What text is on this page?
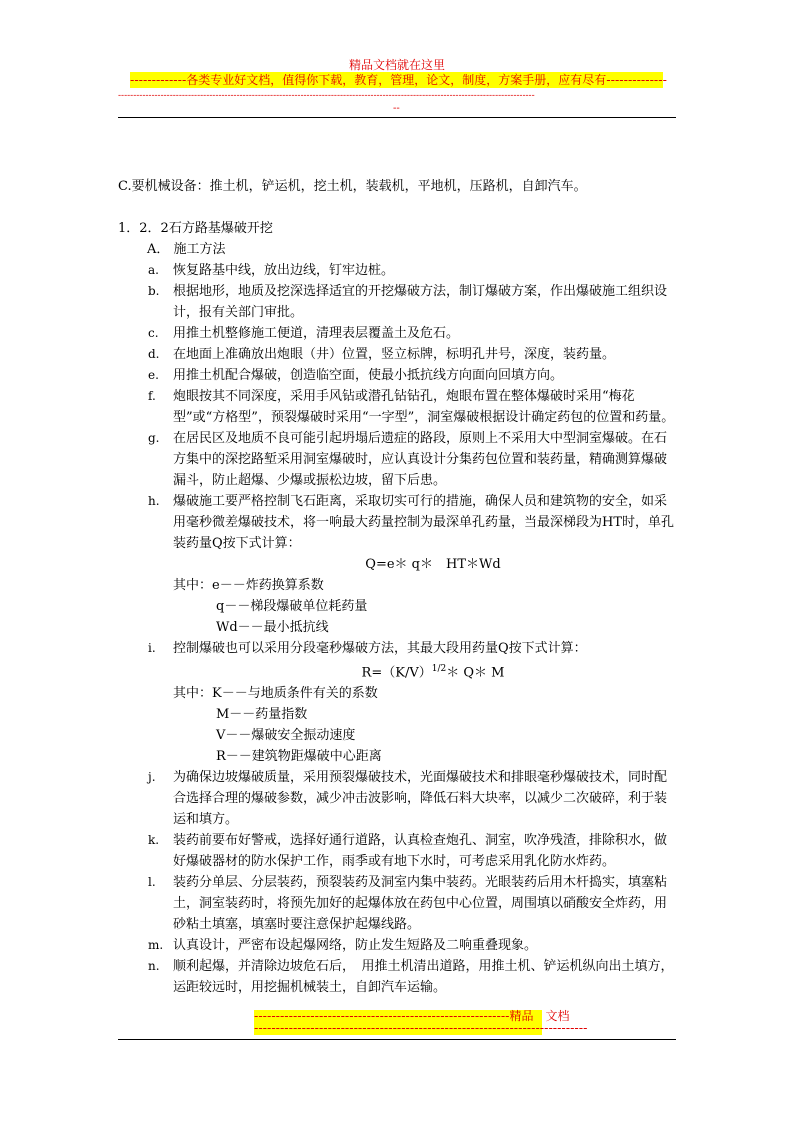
精品文档就在这里
-------------各类专业好文档，值得你下载，教育，管理，论文，制度，方案手册，应有尽有--------------
-----------------------------------------------------------------------------------------------------------------------------------------
--

C.要机械设备：推土机，铲运机，挖土机，装载机，平地机，压路机，自卸汽车。

1．2．2石方路基爆破开挖

A． 施工方法

a. 恢复路基中线，放出边线，钉牢边桩。

b. 根据地形，地质及挖深选择适宜的开挖爆破方法，制订爆破方案，作出爆破施工组织设计，报有关部门审批。

c. 用推土机整修施工便道，清理表层覆盖土及危石。

d. 在地面上准确放出炮眼（井）位置，竖立标牌，标明孔井号，深度，装药量。

e. 用推土机配合爆破，创造临空面，使最小抵抗线方向面向回填方向。

f. 炮眼按其不同深度，采用手风钻或潜孔钻钻孔，炮眼布置在整体爆破时采用“梅花型”或“方格型”，预裂爆破时采用“一字型”，洞室爆破根据设计确定药包的位置和药量。

g. 在居民区及地质不良可能引起坍塌后遗症的路段，原则上不采用大中型洞室爆破。在石方集中的深挖路堑采用洞室爆破时，应认真设计分集药包位置和装药量，精确测算爆破漏斗，防止超爆、少爆或振松边坡，留下后患。

h. 爆破施工要严格控制飞石距离，采取切实可行的措施，确保人员和建筑物的安全，如采用毫秒微差爆破技术，将一响最大药量控制为最深单孔药量，当最深梯段为HT时，单孔装药量Q按下式计算：

Q=e＊ q＊　HT＊Wd

其中：e－－炸药换算系数

q－－梯段爆破单位耗药量

Wd－－最小抵抗线

i. 控制爆破也可以采用分段毫秒爆破方法，其最大段用药量Q按下式计算：

$R=(K/V)^{1/2}*$ Q＊ M

其中：K－－与地质条件有关的系数

M－－药量指数

V－－爆破安全振动速度

R－－建筑物距爆破中心距离

j. 为确保边坡爆破质量，采用预裂爆破技术，光面爆破技术和排眼毫秒爆破技术，同时配合选择合理的爆破参数，减少冲击波影响，降低石料大块率，以减少二次破碎，利于装运和填方。

k. 装药前要布好警戒，选择好通行道路，认真检查炮孔、洞室，吹净残渣，排除积水，做好爆破器材的防水保护工作，雨季或有地下水时，可考虑采用乳化防水炸药。

l. 装药分单层、分层装药，预裂装药及洞室内集中装药。光眼装药后用木杆捣实，填塞粘土，洞室装药时，将预先加好的起爆体放在药包中心位置，周围填以硝酸安全炸药，用砂粘土填塞，填塞时要注意保护起爆线路。

m. 认真设计，严密布设起爆网络，防止发生短路及二响重叠现象。

n. 顺利起爆，并清除边坡危石后，　用推土机清出道路，用推土机、铲运机纵向出土填方，运距较远时，用挖掘机械装土，自卸汽车运输。

-----------------------------------------------------------精品　文档
-----------------------------------------------------------------------------
